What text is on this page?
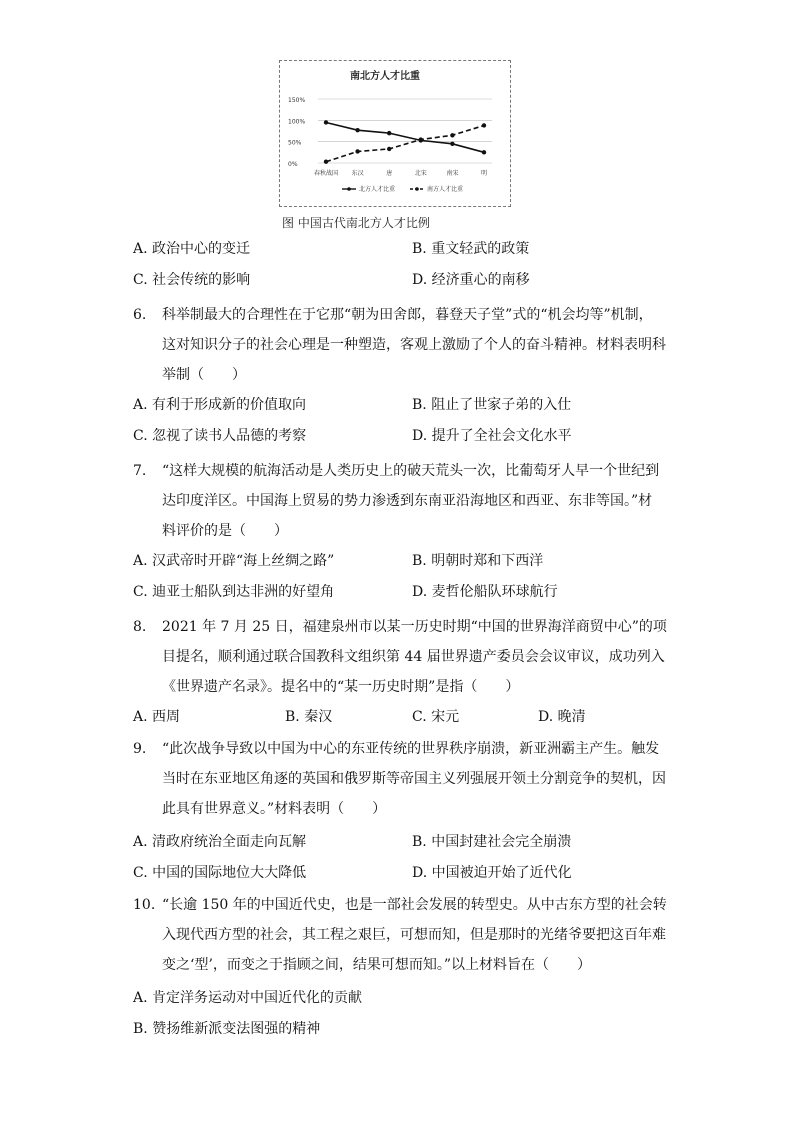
南北方人才比重
150%
100%
50%
0%
春秋战国 东汉	唐	北宋	南宋	明
北方人才比重	南方人才比重
图 中国古代南北方人才比例
A. 政治中心的变迁	B. 重文轻武的政策
C. 社会传统的影响	D. 经济重心的南移
6. 科举制最大的合理性在于它那“朝为田舍郎，暮登天子堂”式的“机会均等”机制，
这对知识分子的社会心理是一种塑造，客观上激励了个人的奋斗精神。材料表明科
举制（　　）
A. 有利于形成新的价值取向	B. 阻止了世家子弟的入仕
C. 忽视了读书人品德的考察	D. 提升了全社会文化水平
7. “这样大规模的航海活动是人类历史上的破天荒头一次，比葡萄牙人早一个世纪到
达印度洋区。中国海上贸易的势力渗透到东南亚沿海地区和西亚、东非等国。”材
料评价的是（　　）
A. 汉武帝时开辟“海上丝绸之路”	B. 明朝时郑和下西洋
C. 迪亚士船队到达非洲的好望角	D. 麦哲伦船队环球航行
8. 2021 年 7 月 25 日，福建泉州市以某一历史时期“中国的世界海洋商贸中心”的项
目提名，顺利通过联合国教科文组织第 44 届世界遗产委员会会议审议，成功列入
《世界遗产名录》。提名中的“某一历史时期”是指（　　）
A. 西周	B. 秦汉	C. 宋元	D. 晚清
9. “此次战争导致以中国为中心的东亚传统的世界秩序崩溃，新亚洲霸主产生。触发
当时在东亚地区角逐的英国和俄罗斯等帝国主义列强展开领土分割竞争的契机，因
此具有世界意义。”材料表明（　　）
A. 清政府统治全面走向瓦解	B. 中国封建社会完全崩溃
C. 中国的国际地位大大降低	D. 中国被迫开始了近代化
10. “长逾 150 年的中国近代史，也是一部社会发展的转型史。从中古东方型的社会转
入现代西方型的社会，其工程之艰巨，可想而知，但是那时的光绪爷要把这百年难
变之‘型’，而变之于指顾之间，结果可想而知。”以上材料旨在（　　）
A. 肯定洋务运动对中国近代化的贡献
B. 赞扬维新派变法图强的精神
